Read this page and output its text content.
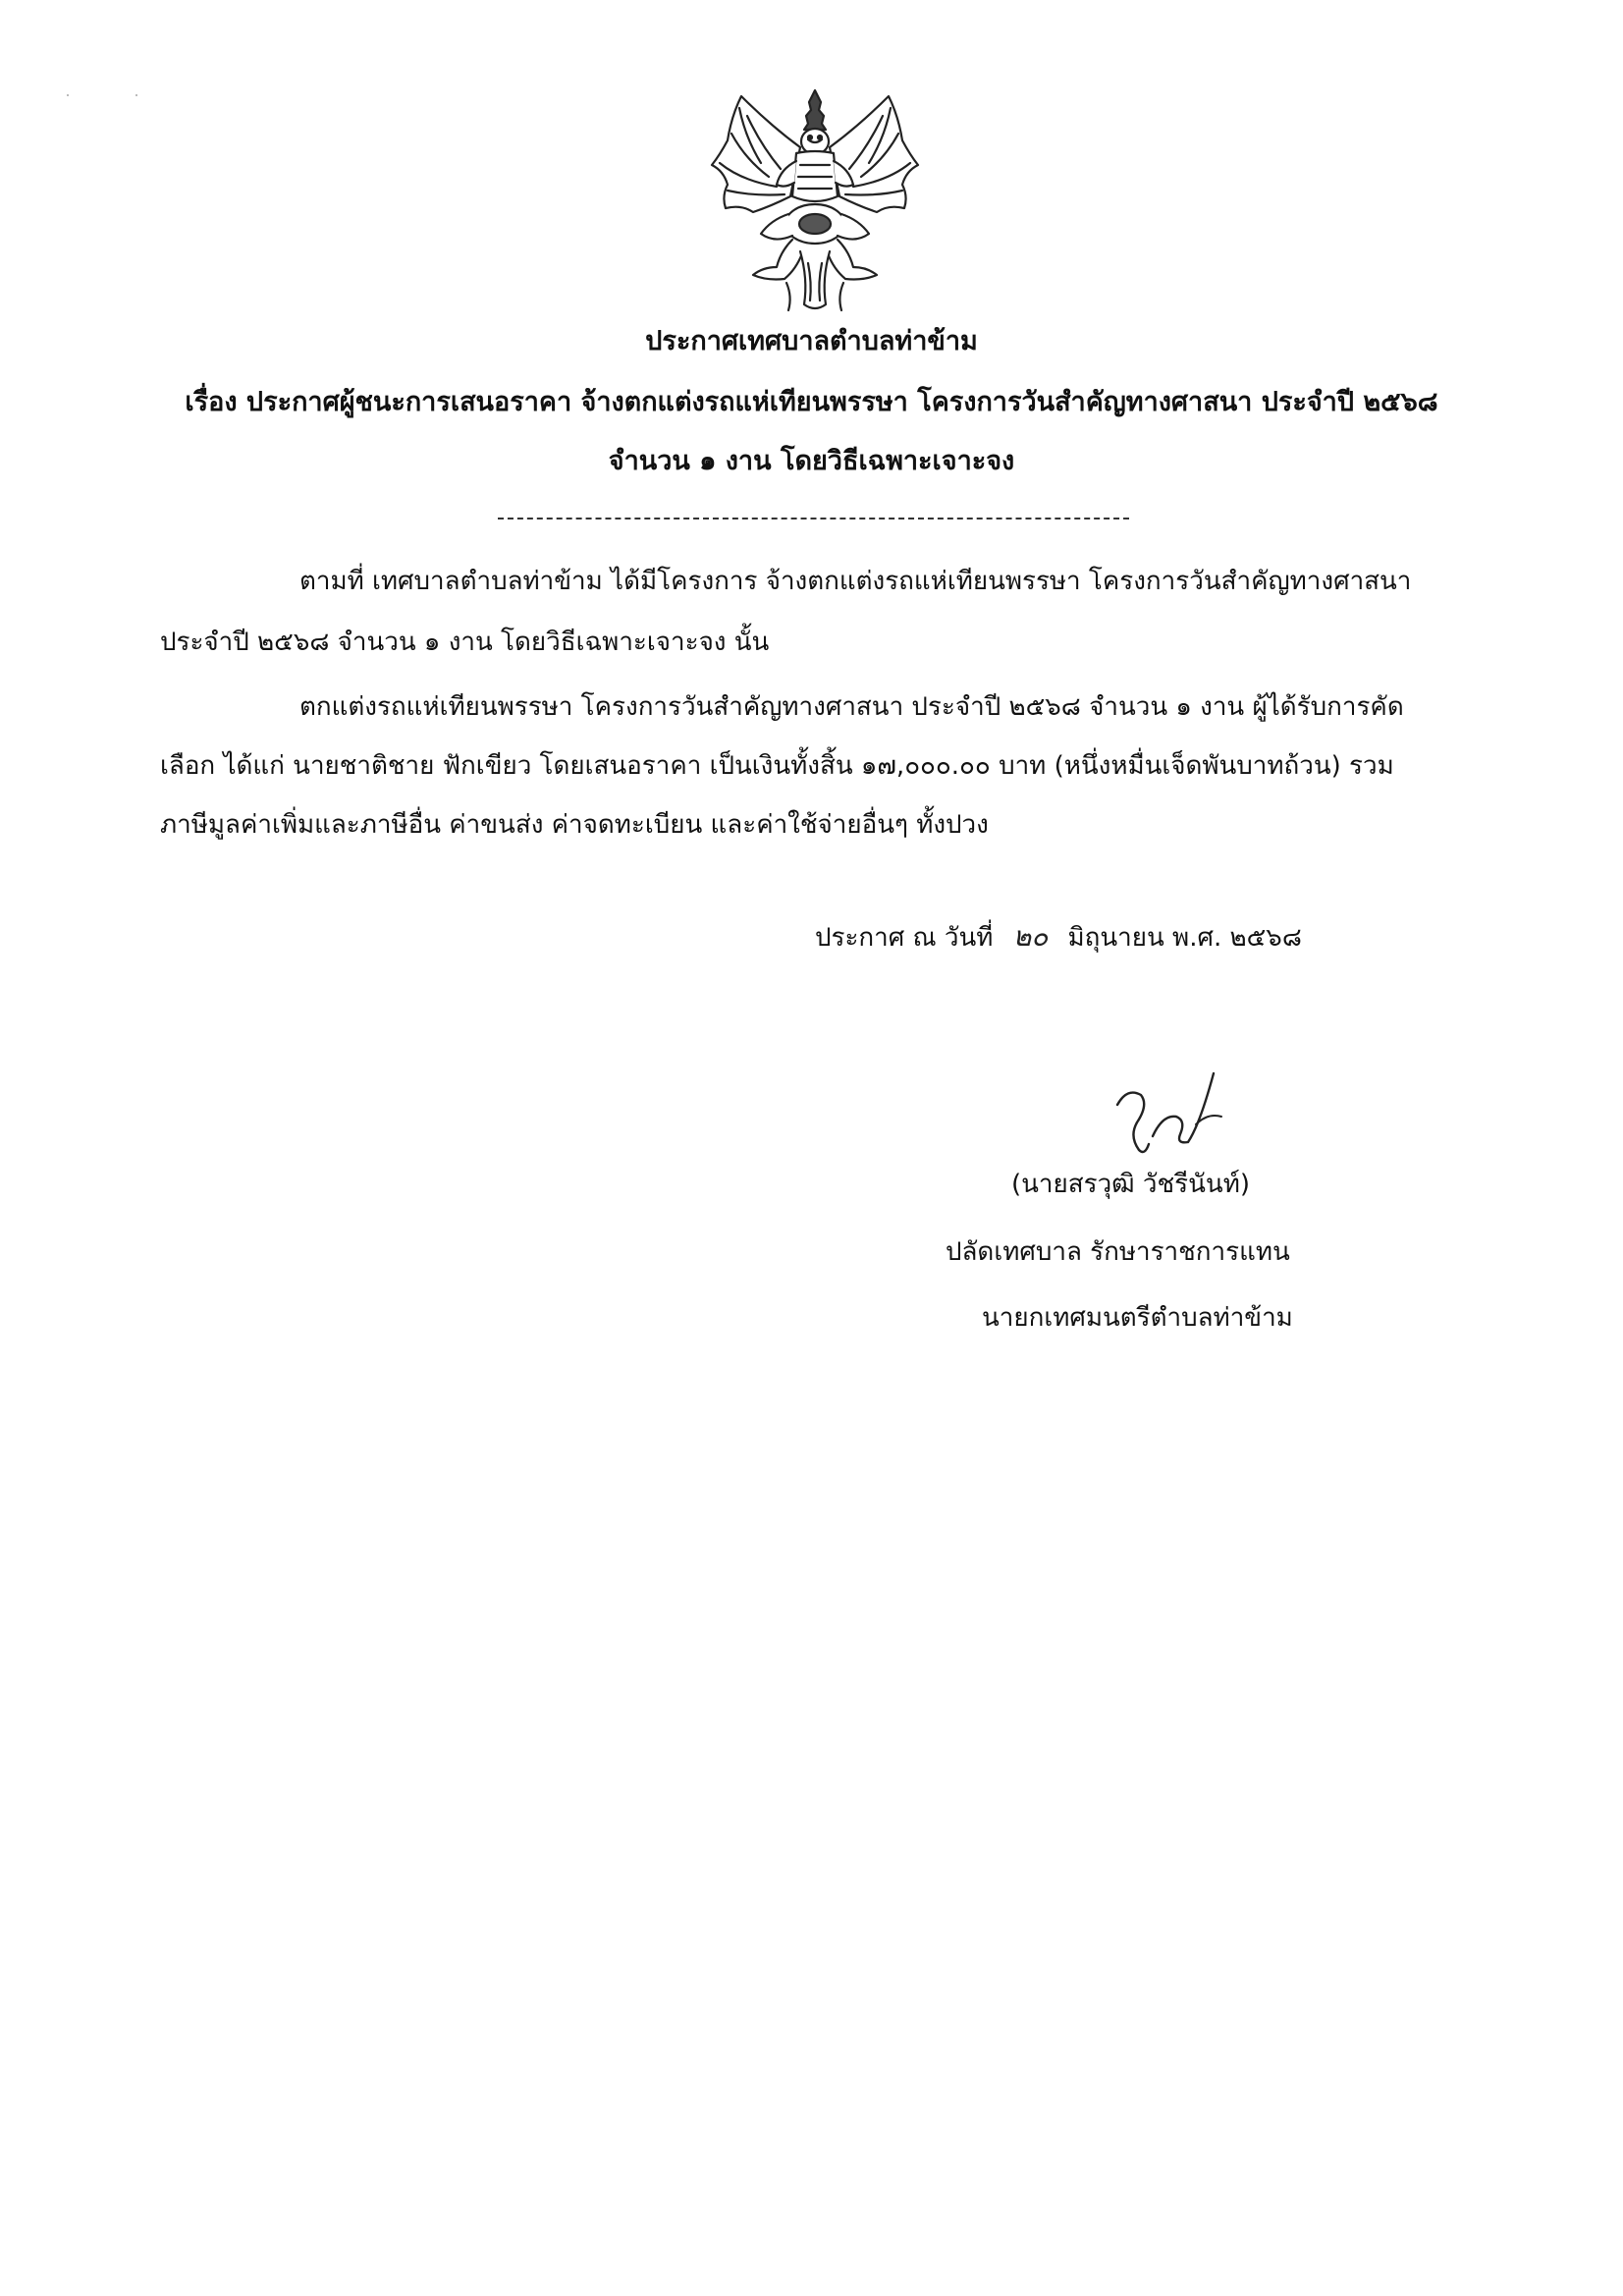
ประกาศเทศบาลตำบลท่าข้าม
เรื่อง ประกาศผู้ชนะการเสนอราคา จ้างตกแต่งรถแห่เทียนพรรษา โครงการวันสำคัญทางศาสนา ประจำปี ๒๕๖๘
จำนวน ๑ งาน โดยวิธีเฉพาะเจาะจง
ตามที่ เทศบาลตำบลท่าข้าม ได้มีโครงการ จ้างตกแต่งรถแห่เทียนพรรษา โครงการวันสำคัญทางศาสนา
ประจำปี ๒๕๖๘ จำนวน ๑ งาน โดยวิธีเฉพาะเจาะจง นั้น
ตกแต่งรถแห่เทียนพรรษา โครงการวันสำคัญทางศาสนา ประจำปี ๒๕๖๘ จำนวน ๑ งาน ผู้ได้รับการคัด
เลือก ได้แก่ นายชาติชาย ฟักเขียว โดยเสนอราคา เป็นเงินทั้งสิ้น ๑๗,๐๐๐.๐๐ บาท (หนึ่งหมื่นเจ็ดพันบาทถ้วน) รวม
ภาษีมูลค่าเพิ่มและภาษีอื่น ค่าขนส่ง ค่าจดทะเบียน และค่าใช้จ่ายอื่นๆ ทั้งปวง
ประกาศ ณ วันที่ ๒๐ มิถุนายน พ.ศ. ๒๕๖๘
(นายสรวุฒิ วัชรีนันท์)
ปลัดเทศบาล รักษาราชการแทน
นายกเทศมนตรีตำบลท่าข้าม
